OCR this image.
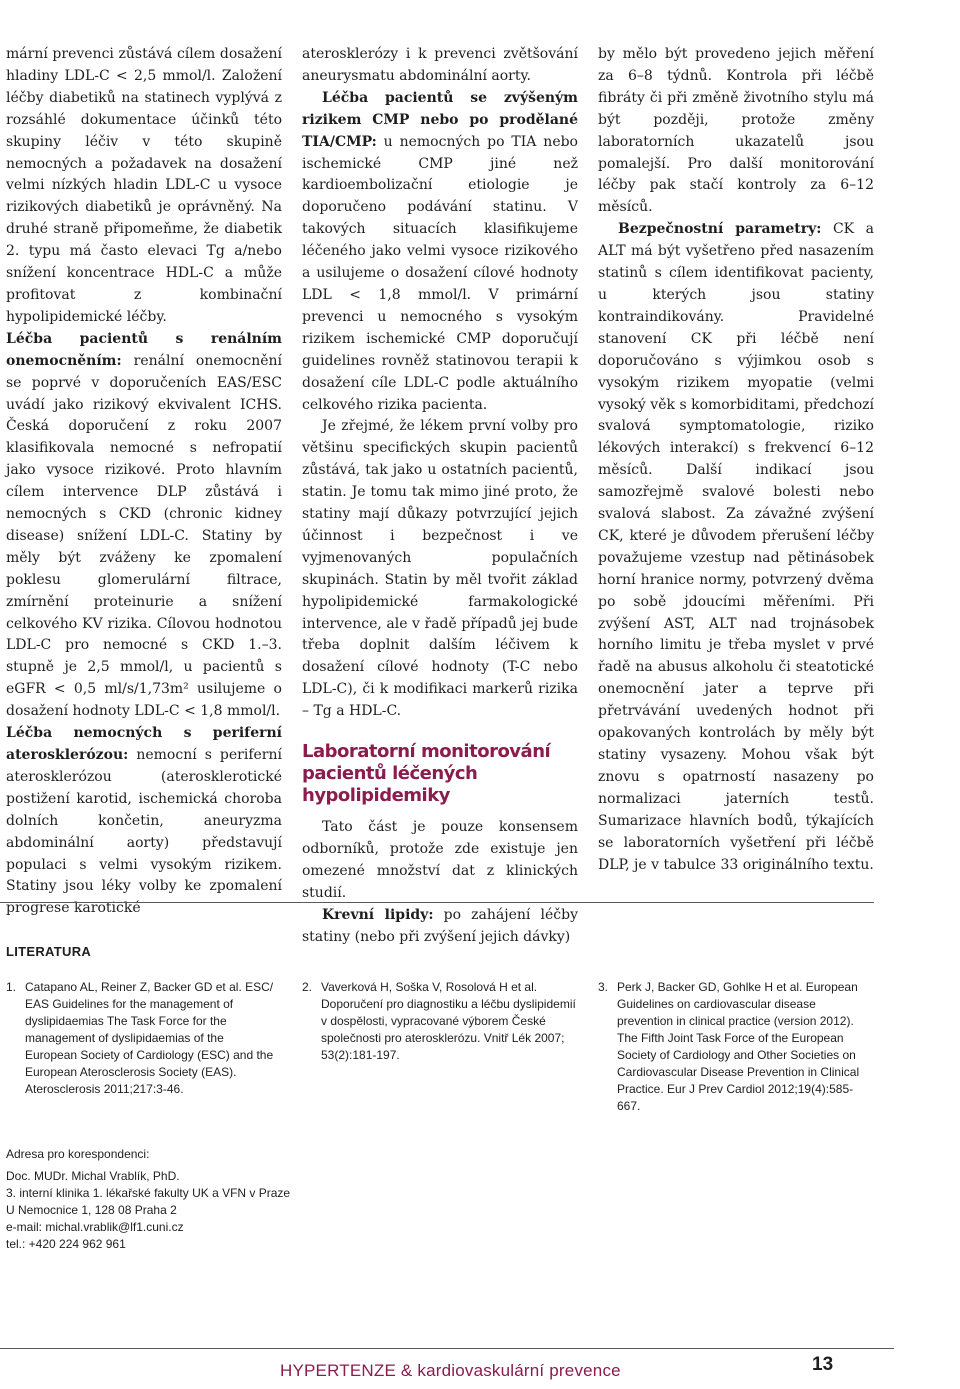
mární prevenci zůstává cílem dosažení hladiny LDL-C < 2,5 mmol/l. Založení léčby diabetiků na statinech vyplývá z rozsáhlé dokumentace účinků této skupiny léčiv v této skupině nemocných a požadavek na dosažení velmi nízkých hladin LDL-C u vysoce rizikových diabetiků je oprávněný. Na druhé straně připomeňme, že diabetik 2. typu má často elevaci Tg a/nebo snížení koncentrace HDL-C a může profitovat z kombinační hypolipidemické léčby.

Léčba pacientů s renálním onemocněním: renální onemocnění se poprvé v doporučeních EAS/ESC uvádí jako rizikový ekvivalent ICHS. Česká doporučení z roku 2007 klasifikovala nemocné s nefropatií jako vysoce rizikové. Proto hlavním cílem intervence DLP zůstává i nemocných s CKD (chronic kidney disease) snížení LDL-C. Statiny by měly být zváženy ke zpomalení poklesu glomerulární filtrace, zmírnění proteinurie a snížení celkového KV rizika. Cílovou hodnotou LDL-C pro nemocné s CKD 1.–3. stupně je 2,5 mmol/l, u pacientů s eGFR < 0,5 ml/s/1,73m² usilujeme o dosažení hodnoty LDL-C < 1,8 mmol/l.

Léčba nemocných s periferní aterosklerózou: nemocní s periferní aterosklerózou (aterosklerotické postižení karotid, ischemická choroba dolních končetin, aneuryzma abdominální aorty) představují populaci s velmi vysokým rizikem. Statiny jsou léky volby ke zpomalení progrese karotické

aterosklerózy i k prevenci zvětšování aneurysmatu abdominální aorty.

Léčba pacientů se zvýšeným rizikem CMP nebo po prodělané TIA/CMP: u nemocných po TIA nebo ischemické CMP jiné než kardioembolizační etiologie je doporučeno podávání statinu. V takových situacích klasifikujeme léčeného jako velmi vysoce rizikového a usilujeme o dosažení cílové hodnoty LDL < 1,8 mmol/l. V primární prevenci u nemocného s vysokým rizikem ischemické CMP doporučují guidelines rovněž statinovou terapii k dosažení cíle LDL-C podle aktuálního celkového rizika pacienta.

Je zřejmé, že lékem první volby pro většinu specifických skupin pacientů zůstává, tak jako u ostatních pacientů, statin. Je tomu tak mimo jiné proto, že statiny mají důkazy potvrzující jejich účinnost i bezpečnost i ve vyjmenovaných populačních skupinách. Statin by měl tvořit základ hypolipidemické farmakologické intervence, ale v řadě případů jej bude třeba doplnit dalším léčivem k dosažení cílové hodnoty (T-C nebo LDL-C), či k modifikaci markerů rizika – Tg a HDL-C.

Laboratorní monitorování pacientů léčených hypolipidemiky

Tato část je pouze konsensem odborníků, protože zde existuje jen omezené množství dat z klinických studií.

Krevní lipidy: po zahájení léčby statiny (nebo při zvýšení jejich dávky)

by mělo být provedeno jejich měření za 6–8 týdnů. Kontrola při léčbě fibráty či při změně životního stylu má být později, protože změny laboratorních ukazatelů jsou pomalejší. Pro další monitorování léčby pak stačí kontroly za 6–12 měsíců.

Bezpečnostní parametry: CK a ALT má být vyšetřeno před nasazením statinů s cílem identifikovat pacienty, u kterých jsou statiny kontraindikovány. Pravidelné stanovení CK při léčbě není doporučováno s výjimkou osob s vysokým rizikem myopatie (velmi vysoký věk s komorbiditami, předchozí svalová symptomatologie, riziko lékových interakcí) s frekvencí 6–12 měsíců. Další indikací jsou samozřejmě svalové bolesti nebo svalová slabost. Za závažné zvýšení CK, které je důvodem přerušení léčby považujeme vzestup nad pětinásobek horní hranice normy, potvrzený dvěma po sobě jdoucími měřeními. Při zvýšení AST, ALT nad trojnásobek horního limitu je třeba myslet v prvé řadě na abusus alkoholu či steatotické onemocnění jater a teprve při přetrvávání uvedených hodnot při opakovaných kontrolách by měly být statiny vysazeny. Mohou však být znovu s opatrností nasazeny po normalizaci jaterních testů. Sumarizace hlavních bodů, týkajících se laboratorních vyšetření při léčbě DLP, je v tabulce 33 originálního textu.

LITERATURA
1. Catapano AL, Reiner Z, Backer GD et al. ESC/ EAS Guidelines for the management of dyslipidaemias The Task Force for the management of dyslipidaemias of the European Society of Cardiology (ESC) and the European Aterosclerosis Society (EAS). Aterosclerosis 2011;217:3-46.
2. Vaverková H, Soška V, Rosolová H et al. Doporučení pro diagnostiku a léčbu dyslipidemií v dospělosti, vypracované výborem České společnosti pro aterosklerózu. Vnitř Lék 2007; 53(2):181-197.
3. Perk J, Backer GD, Gohlke H et al. European Guidelines on cardiovascular disease prevention in clinical practice (version 2012). The Fifth Joint Task Force of the European Society of Cardiology and Other Societies on Cardiovascular Disease Prevention in Clinical Practice. Eur J Prev Cardiol 2012;19(4):585-667.
Adresa pro korespondenci:
Doc. MUDr. Michal Vrablík, PhD.
3. interní klinika 1. lékařské fakulty UK a VFN v Praze
U Nemocnice 1, 128 08 Praha 2
e-mail: michal.vrablik@lf1.cuni.cz
tel.: +420 224 962 961
HYPERTENZE & kardiovaskulární prevence	13
